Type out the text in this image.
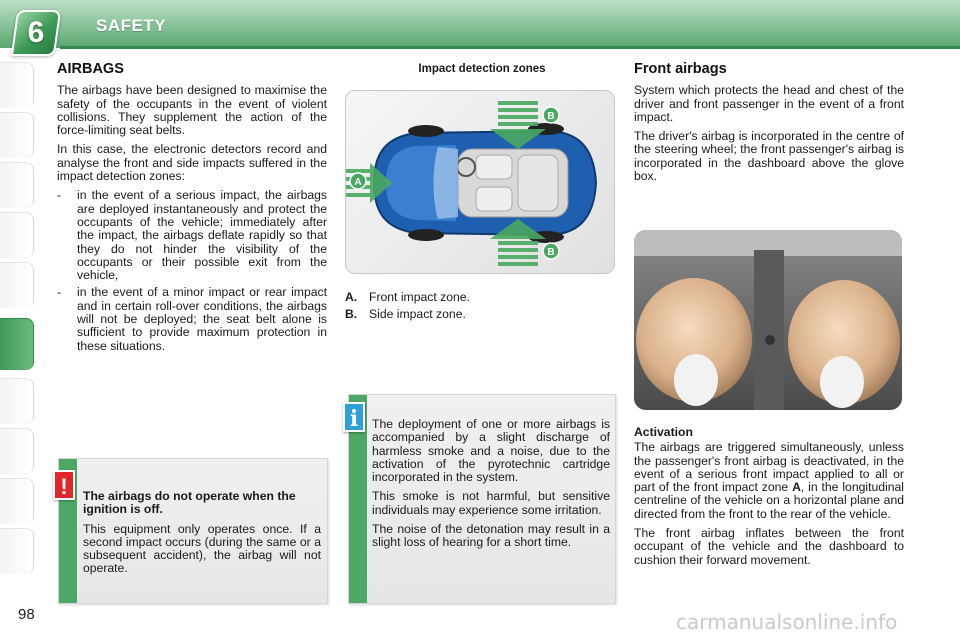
6	SAFETY
98
AIRBAGS

The airbags have been designed to maximise the safety of the occupants in the event of violent collisions. They supplement the action of the force-limiting seat belts.

In this case, the electronic detectors record and analyse the front and side impacts suffered in the impact detection zones:

-	in the event of a serious impact, the airbags are deployed instantaneously and protect the occupants of the vehicle; immediately after the impact, the airbags deflate rapidly so that they do not hinder the visibility of the occupants or their possible exit from the vehicle,
-	in the event of a minor impact or rear impact and in certain roll-over conditions, the airbags will not be deployed; the seat belt alone is sufficient to provide maximum protection in these situations.
!	The airbags do not operate when the ignition is off.

This equipment only operates once. If a second impact occurs (during the same or a subsequent accident), the airbag will not operate.

Impact detection zones
A
B
B
A. Front impact zone.
B. Side impact zone.
i	The deployment of one or more airbags is accompanied by a slight discharge of harmless smoke and a noise, due to the activation of the pyrotechnic cartridge incorporated in the system.

This smoke is not harmful, but sensitive individuals may experience some irritation.

The noise of the detonation may result in a slight loss of hearing for a short time.

Front airbags

System which protects the head and chest of the driver and front passenger in the event of a front impact.

The driver's airbag is incorporated in the centre of the steering wheel; the front passenger's airbag is incorporated in the dashboard above the glove box.

Activation

The airbags are triggered simultaneously, unless the passenger's front airbag is deactivated, in the event of a serious front impact applied to all or part of the front impact zone A, in the longitudinal centreline of the vehicle on a horizontal plane and directed from the front to the rear of the vehicle.

The front airbag inflates between the front occupant of the vehicle and the dashboard to cushion their forward movement.

carmanualsonline.info
